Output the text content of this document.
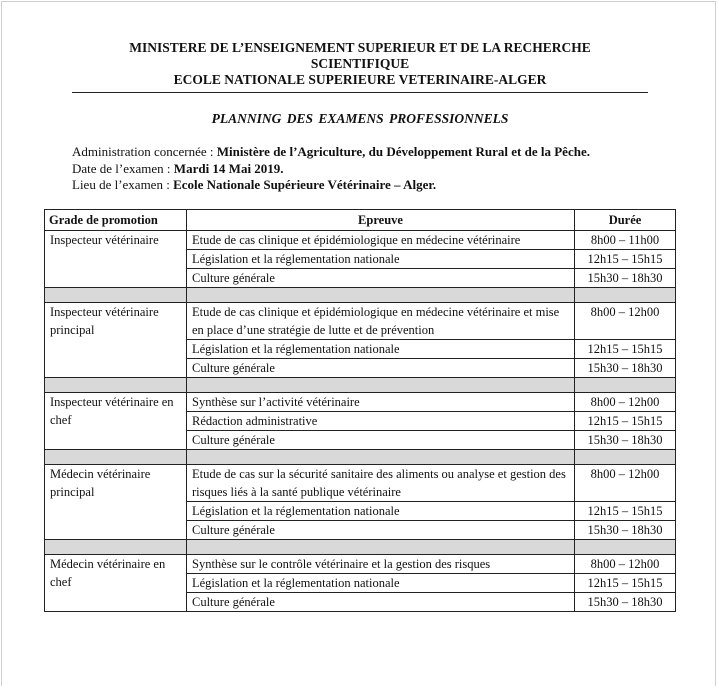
MINISTERE DE L’ENSEIGNEMENT SUPERIEUR ET DE LA RECHERCHE
SCIENTIFIQUE
ECOLE NATIONALE SUPERIEURE VETERINAIRE-ALGER
PLANNING DES EXAMENS PROFESSIONNELS
Administration concernée : Ministère de l’Agriculture, du Développement Rural et de la Pêche.
Date de l’examen : Mardi 14 Mai 2019.
Lieu de l’examen : Ecole Nationale Supérieure Vétérinaire – Alger.
Grade de promotion	Epreuve	Durée
Inspecteur vétérinaire	Etude de cas clinique et épidémiologique en médecine vétérinaire	8h00 – 11h00
	Législation et la réglementation nationale	12h15 – 15h15
	Culture générale	15h30 – 18h30

Inspecteur vétérinaire principal	Etude de cas clinique et épidémiologique en médecine vétérinaire et mise en place d’une stratégie de lutte et de prévention	8h00 – 12h00
	Législation et la réglementation nationale	12h15 – 15h15
	Culture générale	15h30 – 18h30

Inspecteur vétérinaire en chef	Synthèse sur l’activité vétérinaire	8h00 – 12h00
	Rédaction administrative	12h15 – 15h15
	Culture générale	15h30 – 18h30

Médecin vétérinaire principal	Etude de cas sur la sécurité sanitaire des aliments ou analyse et gestion des risques liés à la santé publique vétérinaire	8h00 – 12h00
	Législation et la réglementation nationale	12h15 – 15h15
	Culture générale	15h30 – 18h30

Médecin vétérinaire en chef	Synthèse sur le contrôle vétérinaire et la gestion des risques	8h00 – 12h00
	Législation et la réglementation nationale	12h15 – 15h15
	Culture générale	15h30 – 18h30
